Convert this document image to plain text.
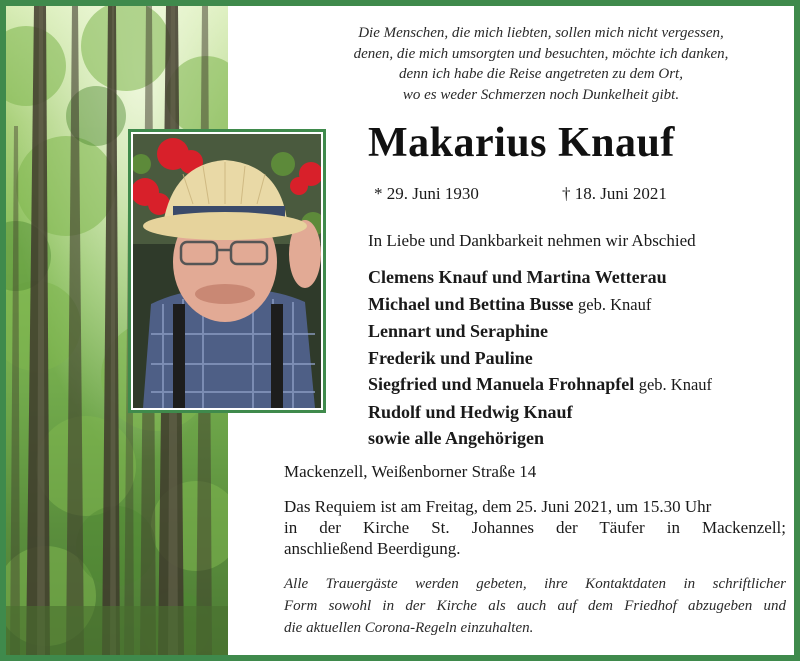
Die Menschen, die mich liebten, sollen mich nicht vergessen,
denen, die mich umsorgten und besuchten, möchte ich danken,
denn ich habe die Reise angetreten zu dem Ort,
wo es weder Schmerzen noch Dunkelheit gibt.
Makarius Knauf
* 29. Juni 1930	† 18. Juni 2021
In Liebe und Dankbarkeit nehmen wir Abschied
Clemens Knauf und Martina Wetterau
Michael und Bettina Busse geb. Knauf
Lennart und Seraphine
Frederik und Pauline
Siegfried und Manuela Frohnapfel geb. Knauf
Rudolf und Hedwig Knauf
sowie alle Angehörigen
Mackenzell, Weißenborner Straße 14
Das Requiem ist am Freitag, dem 25. Juni 2021, um 15.30 Uhr
in der Kirche St. Johannes der Täufer in Mackenzell;
anschließend Beerdigung.
Alle Trauergäste werden gebeten, ihre Kontaktdaten in schriftlicher
Form sowohl in der Kirche als auch auf dem Friedhof abzugeben und
die aktuellen Corona-Regeln einzuhalten.
